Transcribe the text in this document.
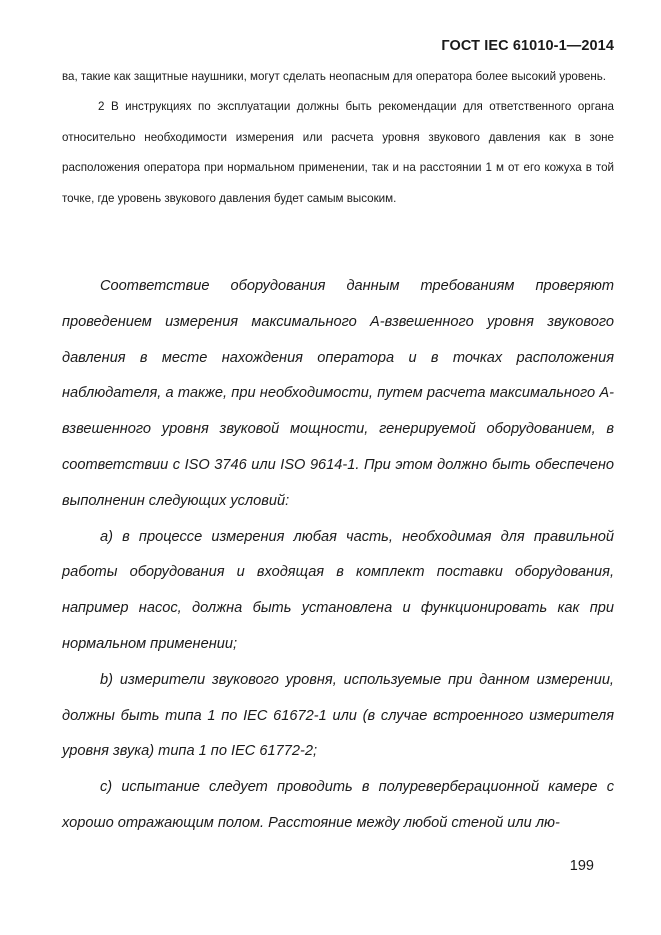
ГОСТ IEC 61010-1—2014

ва, такие как защитные наушники, могут сделать неопасным для оператора более высокий уровень.

2 В инструкциях по эксплуатации должны быть рекомендации для ответственного органа относительно необходимости измерения или расчета уровня звукового давления как в зоне расположения оператора при нормальном применении, так и на расстоянии 1 м от его кожуха в той точке, где уровень звукового давления будет самым высоким.

Соответствие оборудования данным требованиям проверяют проведением измерения максимального А-взвешенного уровня звукового давления в месте нахождения оператора и в точках расположения наблюдателя, а также, при необходимости, путем расчета максимального А-взвешенного уровня звуковой мощности, генерируемой оборудованием, в соответствии с ISO 3746 или ISO 9614-1. При этом должно быть обеспечено выполненин следующих условий:

a) в процессе измерения любая часть, необходимая для правильной работы оборудования и входящая в комплект поставки оборудования, например насос, должна быть установлена и функционировать как при нормальном применении;

b) измерители звукового уровня, используемые при данном измерении, должны быть типа 1 по IEC 61672-1 или (в случае встроенного измерителя уровня звука) типа 1 по IEC 61772-2;

c) испытание следует проводить в полуреверберационной камере с хорошо отражающим полом. Расстояние между любой стеной или лю-

199
